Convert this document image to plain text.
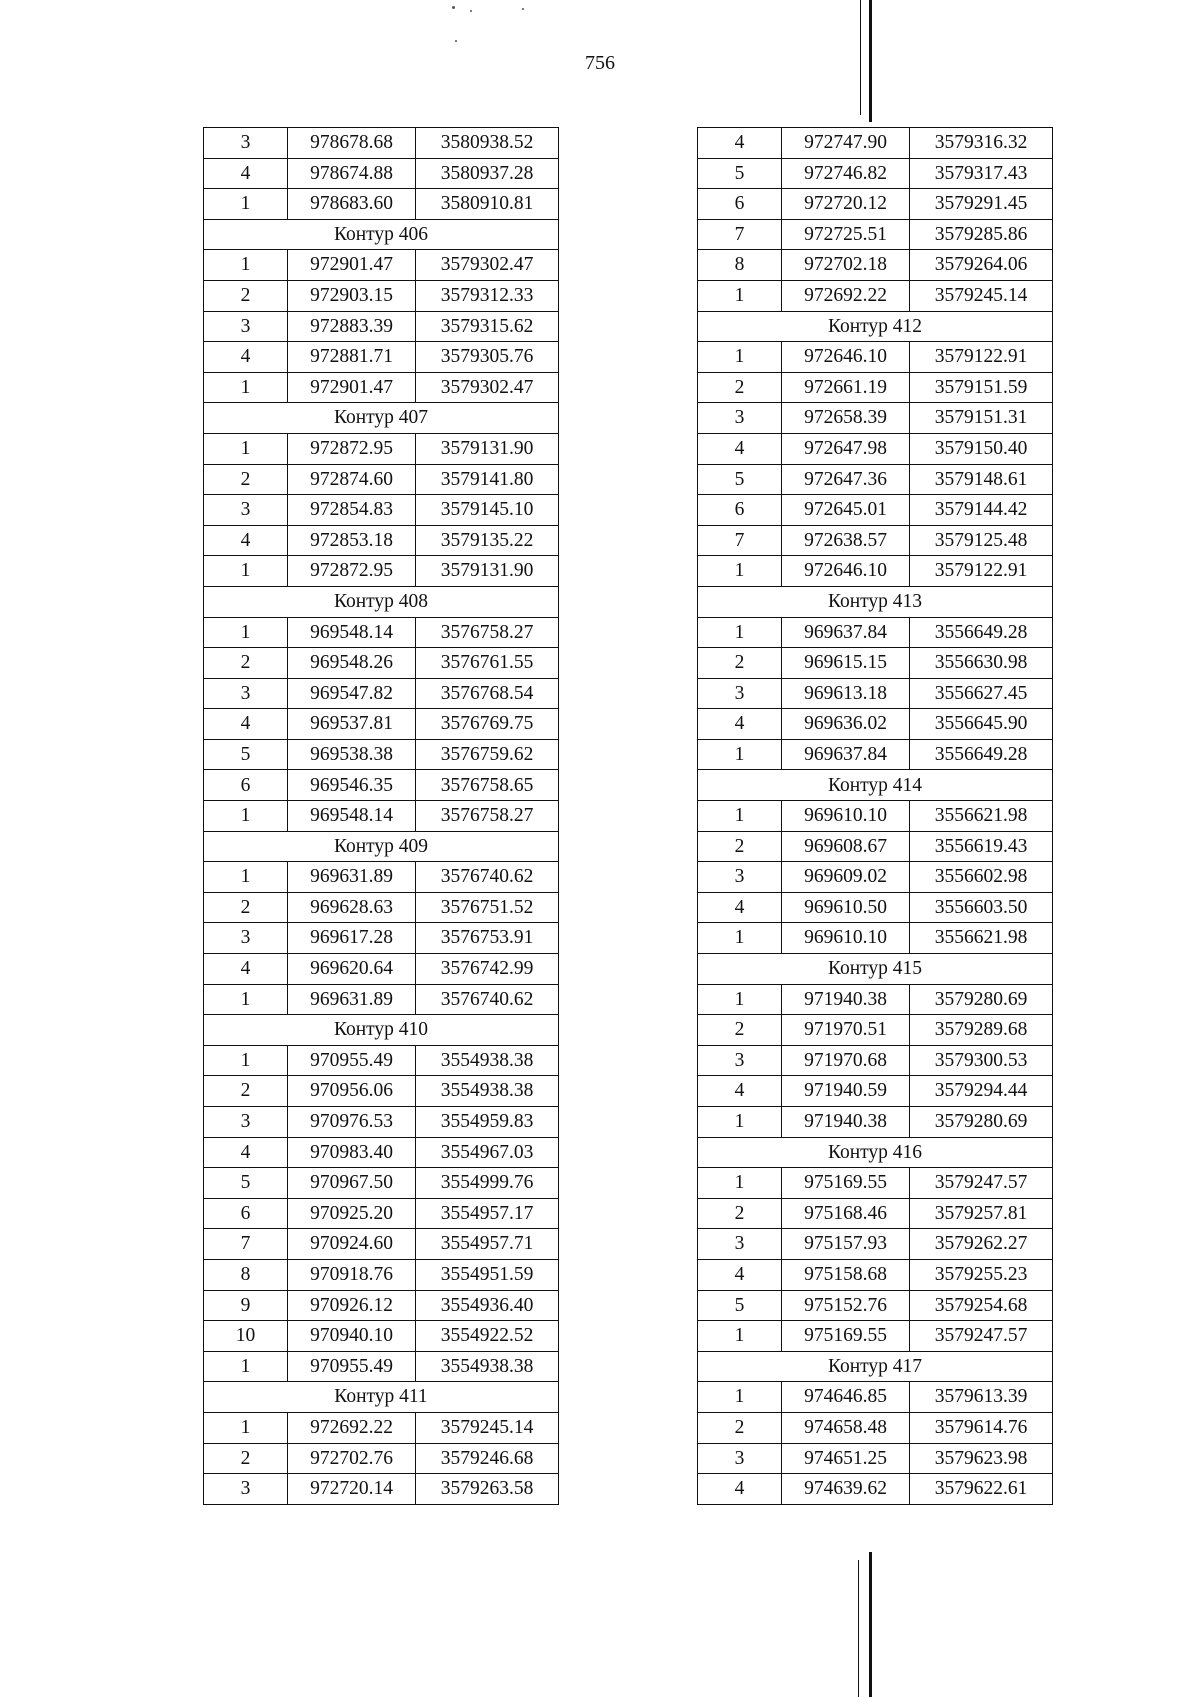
756
3	978678.68	3580938.52
4	978674.88	3580937.28
1	978683.60	3580910.81
Контур 406		
1	972901.47	3579302.47
2	972903.15	3579312.33
3	972883.39	3579315.62
4	972881.71	3579305.76
1	972901.47	3579302.47
Контур 407		
1	972872.95	3579131.90
2	972874.60	3579141.80
3	972854.83	3579145.10
4	972853.18	3579135.22
1	972872.95	3579131.90
Контур 408		
1	969548.14	3576758.27
2	969548.26	3576761.55
3	969547.82	3576768.54
4	969537.81	3576769.75
5	969538.38	3576759.62
6	969546.35	3576758.65
1	969548.14	3576758.27
Контур 409		
1	969631.89	3576740.62
2	969628.63	3576751.52
3	969617.28	3576753.91
4	969620.64	3576742.99
1	969631.89	3576740.62
Контур 410		
1	970955.49	3554938.38
2	970956.06	3554938.38
3	970976.53	3554959.83
4	970983.40	3554967.03
5	970967.50	3554999.76
6	970925.20	3554957.17
7	970924.60	3554957.71
8	970918.76	3554951.59
9	970926.12	3554936.40
10	970940.10	3554922.52
1	970955.49	3554938.38
Контур 411		
1	972692.22	3579245.14
2	972702.76	3579246.68
3	972720.14	3579263.58
4	972747.90	3579316.32
5	972746.82	3579317.43
6	972720.12	3579291.45
7	972725.51	3579285.86
8	972702.18	3579264.06
1	972692.22	3579245.14
Контур 412		
1	972646.10	3579122.91
2	972661.19	3579151.59
3	972658.39	3579151.31
4	972647.98	3579150.40
5	972647.36	3579148.61
6	972645.01	3579144.42
7	972638.57	3579125.48
1	972646.10	3579122.91
Контур 413		
1	969637.84	3556649.28
2	969615.15	3556630.98
3	969613.18	3556627.45
4	969636.02	3556645.90
1	969637.84	3556649.28
Контур 414		
1	969610.10	3556621.98
2	969608.67	3556619.43
3	969609.02	3556602.98
4	969610.50	3556603.50
1	969610.10	3556621.98
Контур 415		
1	971940.38	3579280.69
2	971970.51	3579289.68
3	971970.68	3579300.53
4	971940.59	3579294.44
1	971940.38	3579280.69
Контур 416		
1	975169.55	3579247.57
2	975168.46	3579257.81
3	975157.93	3579262.27
4	975158.68	3579255.23
5	975152.76	3579254.68
1	975169.55	3579247.57
Контур 417		
1	974646.85	3579613.39
2	974658.48	3579614.76
3	974651.25	3579623.98
4	974639.62	3579622.61
